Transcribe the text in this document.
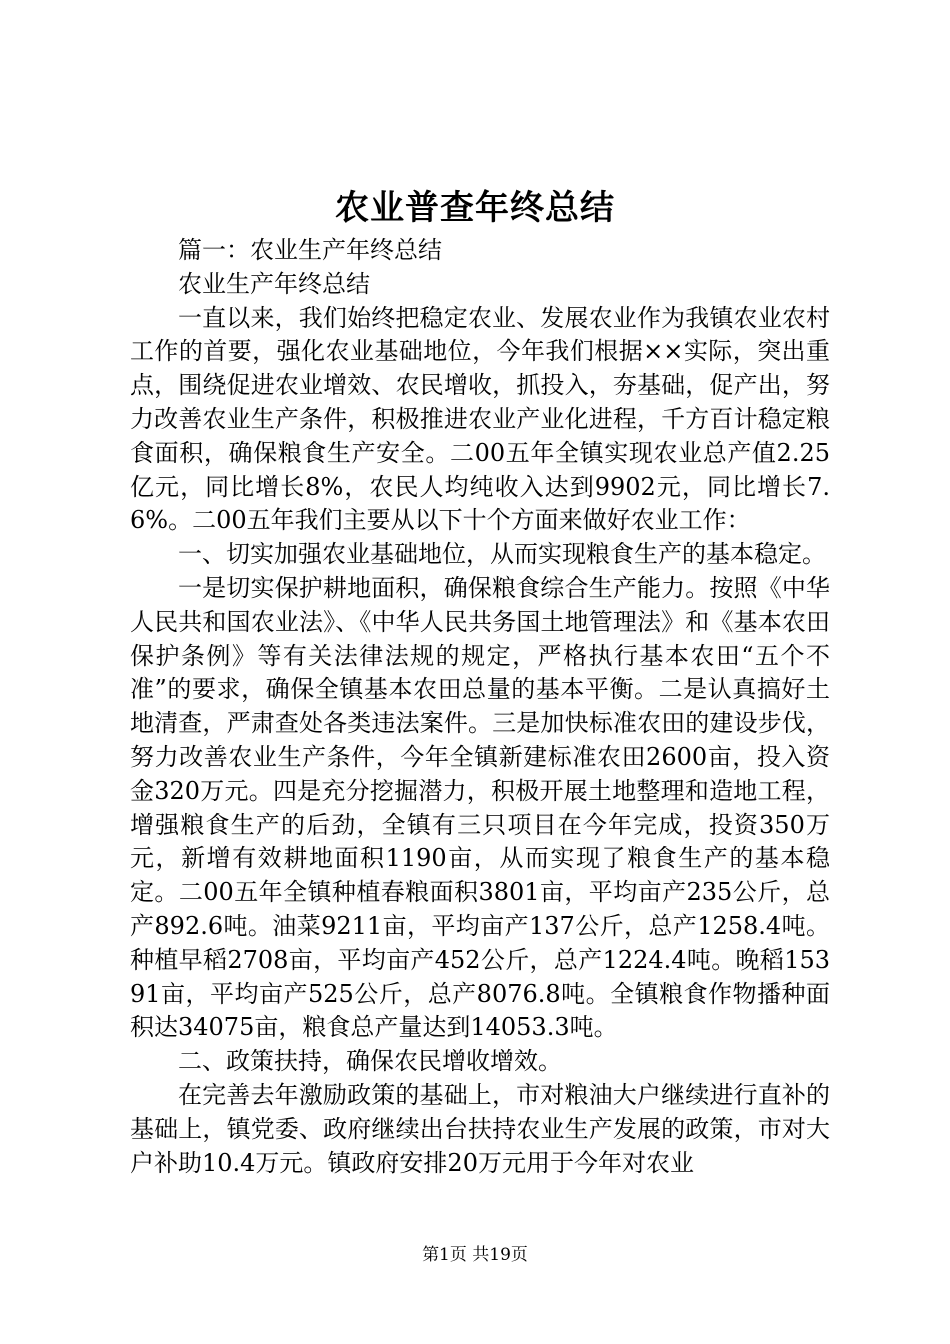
农业普查年终总结

篇一：农业生产年终总结

农业生产年终总结

一直以来，我们始终把稳定农业、发展农业作为我镇农业农村工作的首要，强化农业基础地位，今年我们根据××实际，突出重点，围绕促进农业增效、农民增收，抓投入，夯基础，促产出，努力改善农业生产条件，积极推进农业产业化进程，千方百计稳定粮食面积，确保粮食生产安全。二00五年全镇实现农业总产值2.25亿元，同比增长8%，农民人均纯收入达到9902元，同比增长7.6%。二00五年我们主要从以下十个方面来做好农业工作：

一、切实加强农业基础地位，从而实现粮食生产的基本稳定。

一是切实保护耕地面积，确保粮食综合生产能力。按照《中华人民共和国农业法》、《中华人民共务国土地管理法》和《基本农田保护条例》等有关法律法规的规定，严格执行基本农田“五个不准”的要求，确保全镇基本农田总量的基本平衡。二是认真搞好土地清查，严肃查处各类违法案件。三是加快标准农田的建设步伐，努力改善农业生产条件，今年全镇新建标准农田2600亩，投入资金320万元。四是充分挖掘潜力，积极开展土地整理和造地工程，增强粮食生产的后劲，全镇有三只项目在今年完成，投资350万元，新增有效耕地面积1190亩，从而实现了粮食生产的基本稳定。二00五年全镇种植春粮面积3801亩，平均亩产235公斤，总产892.6吨。油菜9211亩，平均亩产137公斤，总产1258.4吨。种植早稻2708亩，平均亩产452公斤，总产1224.4吨。晚稻15391亩，平均亩产525公斤，总产8076.8吨。全镇粮食作物播种面积达34075亩，粮食总产量达到14053.3吨。

二、政策扶持，确保农民增收增效。

在完善去年激励政策的基础上，市对粮油大户继续进行直补的基础上，镇党委、政府继续出台扶持农业生产发展的政策，市对大户补助10.4万元。镇政府安排20万元用于今年对农业

第1页 共19页
